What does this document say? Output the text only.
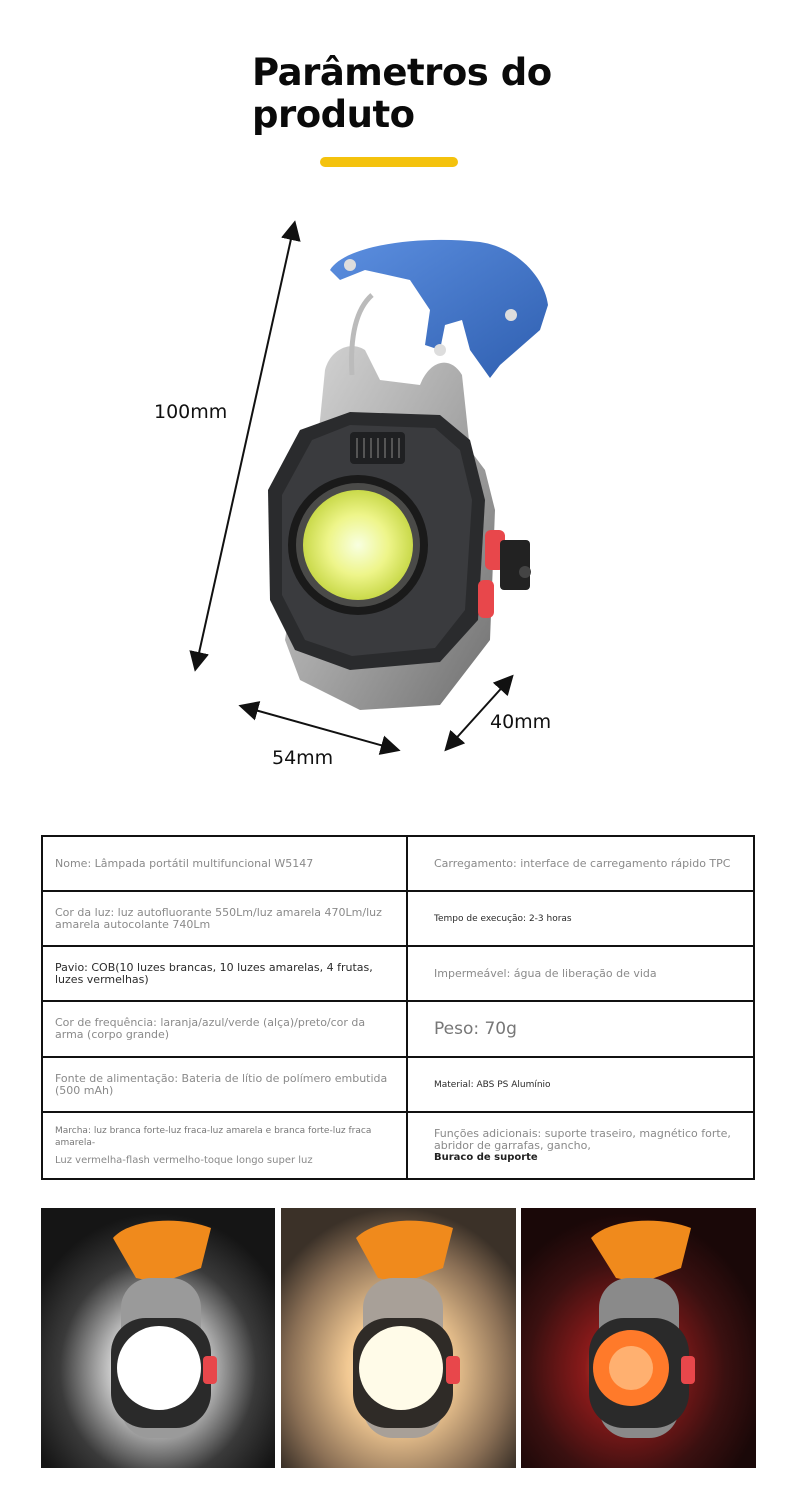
Parâmetros do produto
100mm
54mm
40mm
Nome: Lâmpada portátil multifuncional W5147	Carregamento: interface de carregamento rápido TPC
Cor da luz: luz autofluorante 550Lm/luz amarela 470Lm/luz amarela autocolante 740Lm	Tempo de execução: 2-3 horas
Pavio: COB(10 luzes brancas, 10 luzes amarelas, 4 frutas, luzes vermelhas)	Impermeável: água de liberação de vida
Cor de frequência: laranja/azul/verde (alça)/preto/cor da arma (corpo grande)	Peso: 70g
Fonte de alimentação: Bateria de lítio de polímero embutida (500 mAh)	Material: ABS PS Alumínio

Marcha: luz branca forte-luz fraca-luz amarela e branca forte-luz fraca amarela-
Luz vermelha-flash vermelho-toque longo super luz	Funções adicionais: suporte traseiro, magnético forte, abridor de garrafas, gancho,
Buraco de suporte
